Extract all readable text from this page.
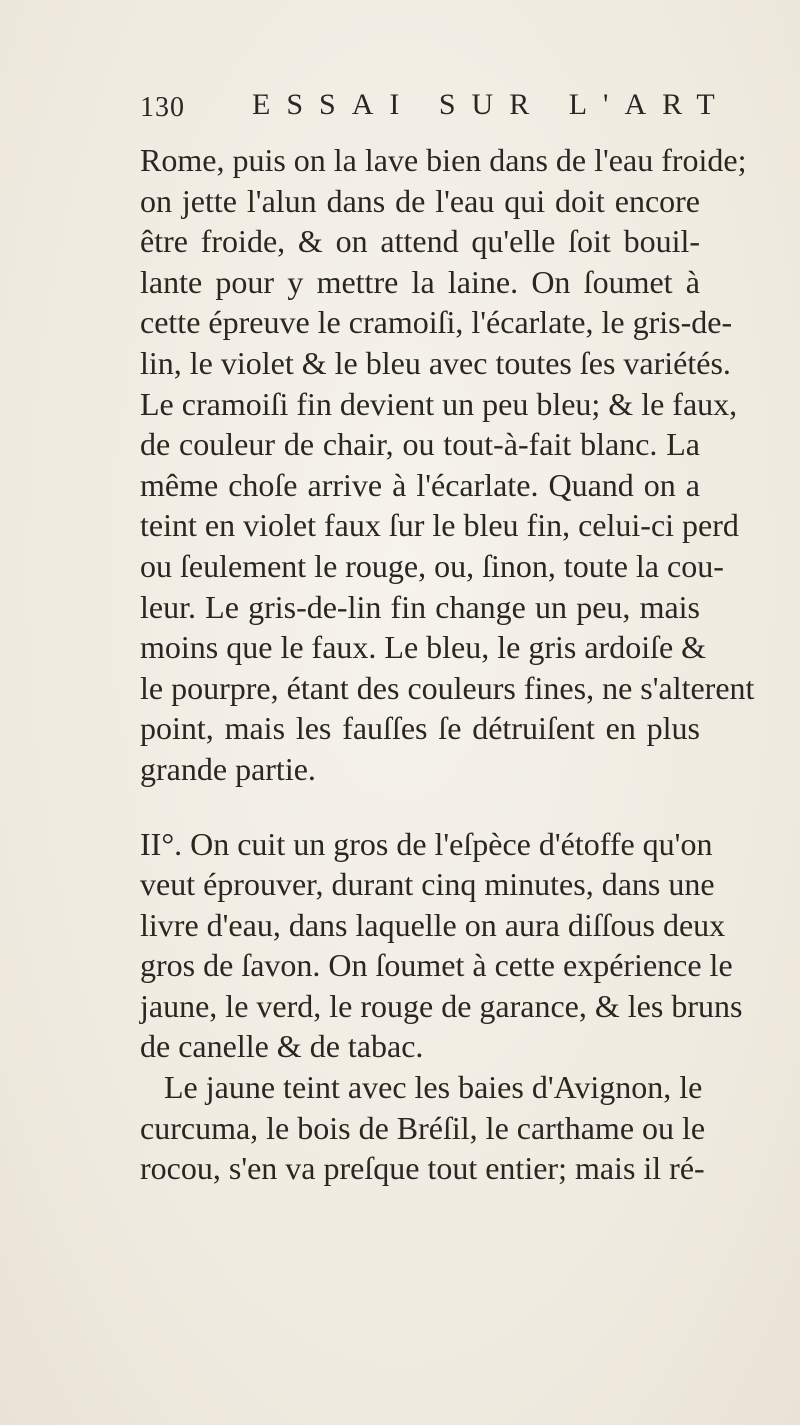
130 ESSAI SUR L'ART
Rome, puis on la lave bien dans de l'eau froide;
on jette l'alun dans de l'eau qui doit encore
être froide, & on attend qu'elle ſoit bouil-
lante pour y mettre la laine. On ſoumet à
cette épreuve le cramoiſi, l'écarlate, le gris-de-
lin, le violet & le bleu avec toutes ſes variétés.
Le cramoiſi fin devient un peu bleu; & le faux,
de couleur de chair, ou tout-à-fait blanc. La
même choſe arrive à l'écarlate. Quand on a
teint en violet faux ſur le bleu fin, celui-ci perd
ou ſeulement le rouge, ou, ſinon, toute la cou-
leur. Le gris-de-lin fin change un peu, mais
moins que le faux. Le bleu, le gris ardoiſe &
le pourpre, étant des couleurs fines, ne s'alterent
point, mais les fauſſes ſe détruiſent en plus
grande partie.
II°. On cuit un gros de l'eſpèce d'étoffe qu'on
veut éprouver, durant cinq minutes, dans une
livre d'eau, dans laquelle on aura diſſous deux
gros de ſavon. On ſoumet à cette expérience le
jaune, le verd, le rouge de garance, & les bruns
de canelle & de tabac.
Le jaune teint avec les baies d'Avignon, le
curcuma, le bois de Bréſil, le carthame ou le
rocou, s'en va preſque tout entier; mais il ré-
